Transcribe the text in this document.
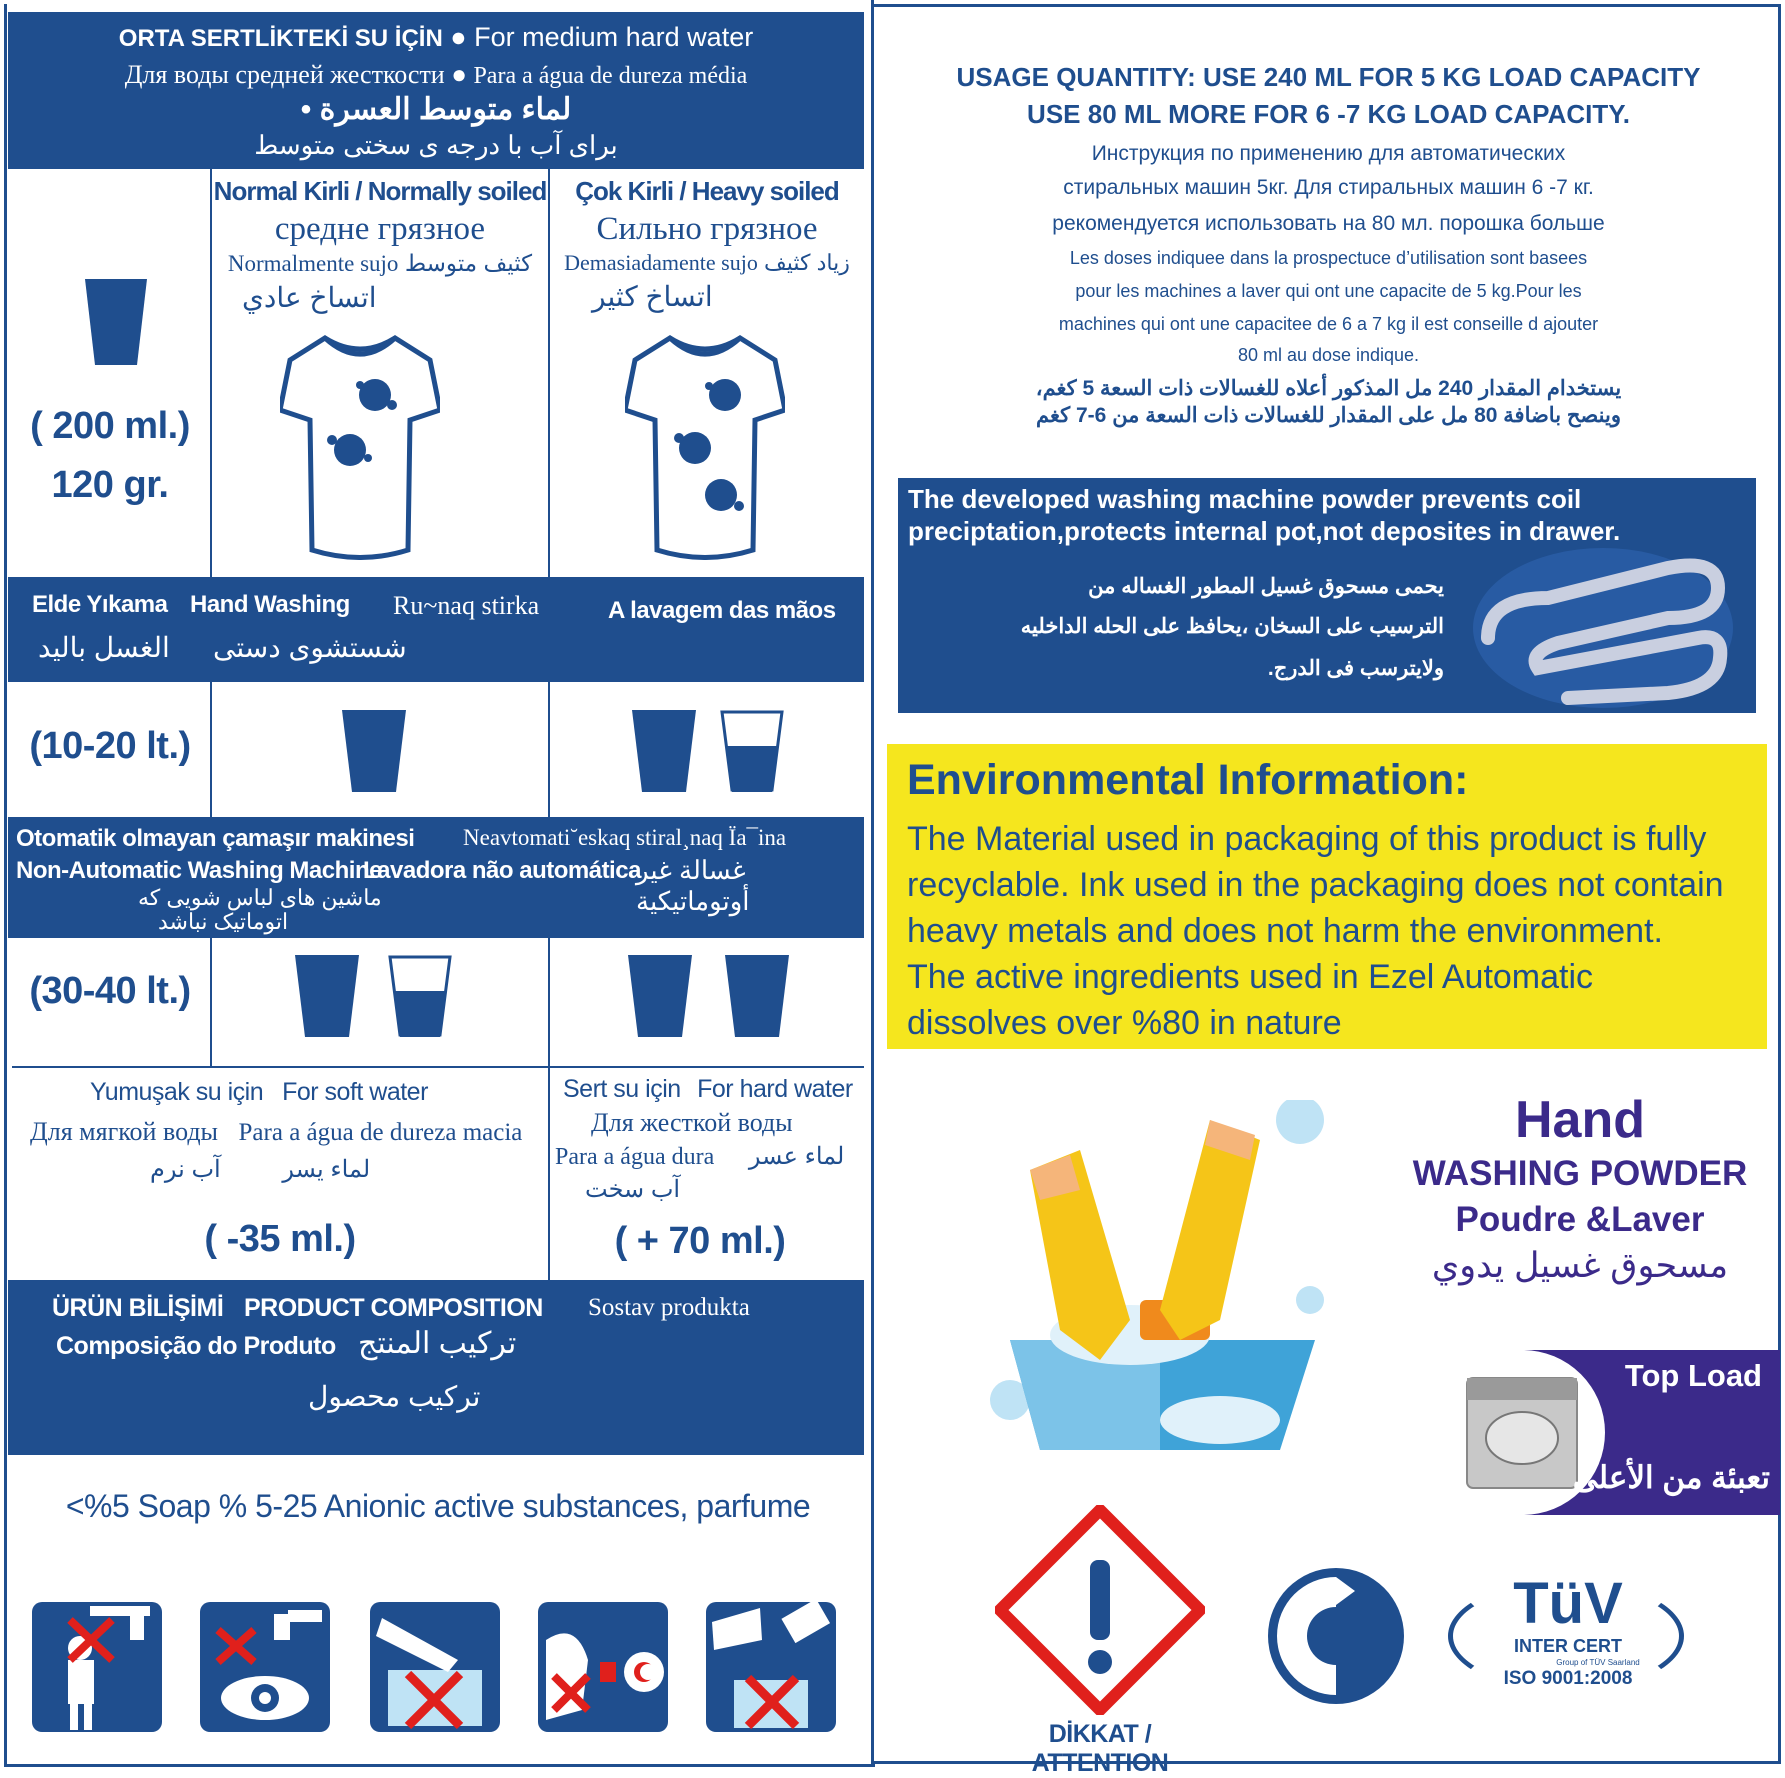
ORTA SERTLİKTEKİ SU İÇİN ● For medium hard water
Для воды средней жесткости ● Para a água de dureza média
لماء متوسط العسرة •
برای آب با درجه ی سختی متوسط
( 200 ml.)
120 gr.
Normal Kirli / Normally soiled
средне грязное
Normalmente sujo کثیف متوسط
اتساخ عادي
Çok Kirli / Heavy soiled
Сильно грязное
Demasiadamente sujo زیاد کثیف
اتساخ كثير
Elde Yıkama Hand Washing Ru~naq stirka	A lavagem das mãos
الغسل باليد شستشوی دستی
(10-20 lt.)
Otomatik olmayan çamaşır makinesi Neavtomati˘eskaq stiral¸naq Ïa¯ina
Non-Automatic Washing Machine
Lavadora não automática
غسالة غير أوتوماتيكية
ماشین های لباس شویی که
اتوماتیک نباشد
(30-40 lt.)
Yumuşak su için For soft water
Для мягкой воды Para a água de dureza macia
لماء يسر آب نرم
( -35 ml.)
Sert su için For hard water
Для жесткой воды
Para a água dura لماء عسر
آب سخت
( + 70 ml.)
ÜRÜN BİLİŞİMİ PRODUCT COMPOSITION Sostav produkta
Composição do Produto تركيب المنتج
ترکیب محصول
<%5 Soap % 5-25 Anionic active substances, parfume
USAGE QUANTITY: USE 240 ML FOR 5 KG LOAD CAPACITY
USE 80 ML MORE FOR 6 -7 KG LOAD CAPACITY.
Инструкция по применению для автоматических
стиральных машин 5кг. Для стиральных машин 6 -7 кг.
рекомендуется использовать на 80 мл. порошка больше
Les doses indiquee dans la prospectuce d’utilisation sont basees
pour les machines a laver qui ont une capacite de 5 kg.Pour les
machines qui ont une capacitee de 6 a 7 kg il est conseille d ajouter
80 ml au dose indique.
يستخدام المقدار 240 مل المذكور أعلاه للغسالات ذات السعة 5 كغم،
وينصح باضافة 80 مل على المقدار للغسالات ذات السعة من 6-7 كغم
The developed washing machine powder prevents coil
preciptation,protects internal pot,not deposites in drawer.
يحمى مسحوق غسيل المطور الغساله من
الترسيب على السخان ،يحافظ على الحله الداخليه
ولايترسب فى الدرج.
Environmental Information:
The Material used in packaging of this product is fully
recyclable. Ink used in the packaging does not contain
heavy metals and does not harm the environment.
The active ingredients used in Ezel Automatic
dissolves over %80 in nature
Hand
WASHING POWDER
Poudre &Laver
مسحوق غسيل يدوي
Top Load
تعبئة من الأعلى
DİKKAT / ATTENTION
TüV
INTER CERT
Group of TÜV Saarland
ISO 9001:2008
